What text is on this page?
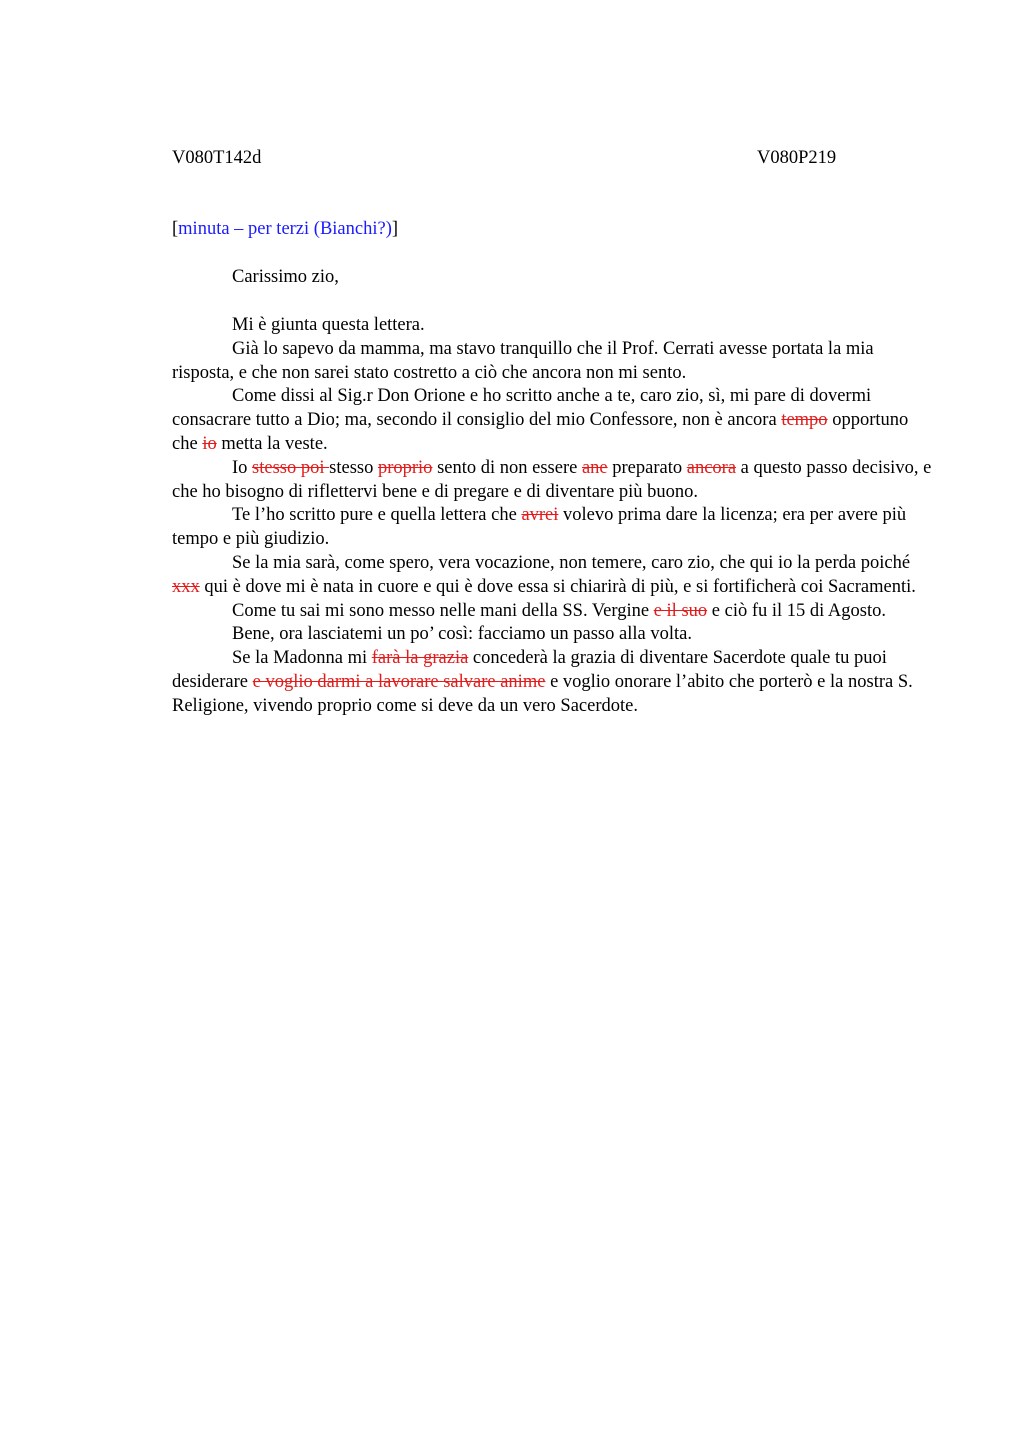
V080T142d	V080P219
[minuta – per terzi (Bianchi?)]
Carissimo zio,

Mi è giunta questa lettera.

Già lo sapevo da mamma, ma stavo tranquillo che il Prof. Cerrati avesse portata la mia risposta, e che non sarei stato costretto a ciò che ancora non mi sento.

Come dissi al Sig.r Don Orione e ho scritto anche a te, caro zio, sì, mi pare di dovermi consacrare tutto a Dio; ma, secondo il consiglio del mio Confessore, non è ancora tempo opportuno che io metta la veste.

Io stesso poi stesso proprio sento di non essere ane preparato ancora a questo passo decisivo, e che ho bisogno di riflettervi bene e di pregare e di diventare più buono.

Te l’ho scritto pure e quella lettera che avrei volevo prima dare la licenza; era per avere più tempo e più giudizio.

Se la mia sarà, come spero, vera vocazione, non temere, caro zio, che qui io la perda poiché xxx qui è dove mi è nata in cuore e qui è dove essa si chiarirà di più, e si fortificherà coi Sacramenti.

Come tu sai mi sono messo nelle mani della SS. Vergine e il suo e ciò fu il 15 di Agosto.

Bene, ora lasciatemi un po’ così: facciamo un passo alla volta.

Se la Madonna mi farà la grazia concederà la grazia di diventare Sacerdote quale tu puoi desiderare e voglio darmi a lavorare salvare anime e voglio onorare l’abito che porterò e la nostra S. Religione, vivendo proprio come si deve da un vero Sacerdote.
